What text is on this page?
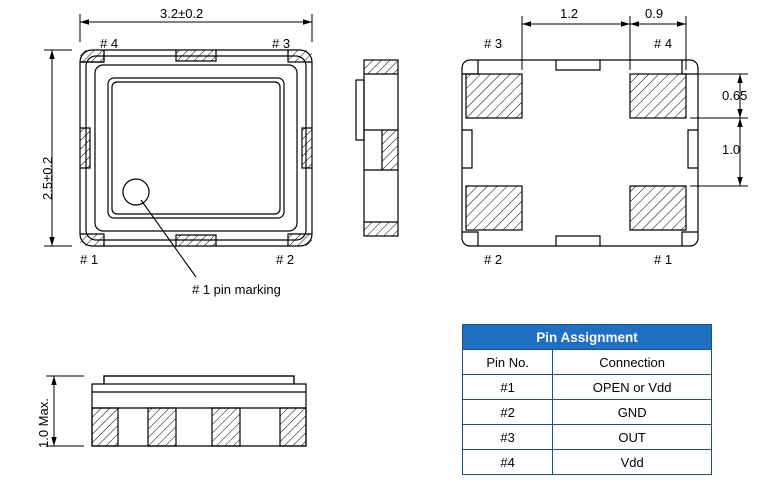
3.2±0.2
2.5±0.2
# 4	# 3
# 1	# 2
# 1 pin marking
1.2	0.9
0.65
1.0
# 3	# 4
# 2	# 1
1.0 Max.
Pin Assignment	
Pin No.	Connection
#1	OPEN or Vdd
#2	GND
#3	OUT
#4	Vdd
